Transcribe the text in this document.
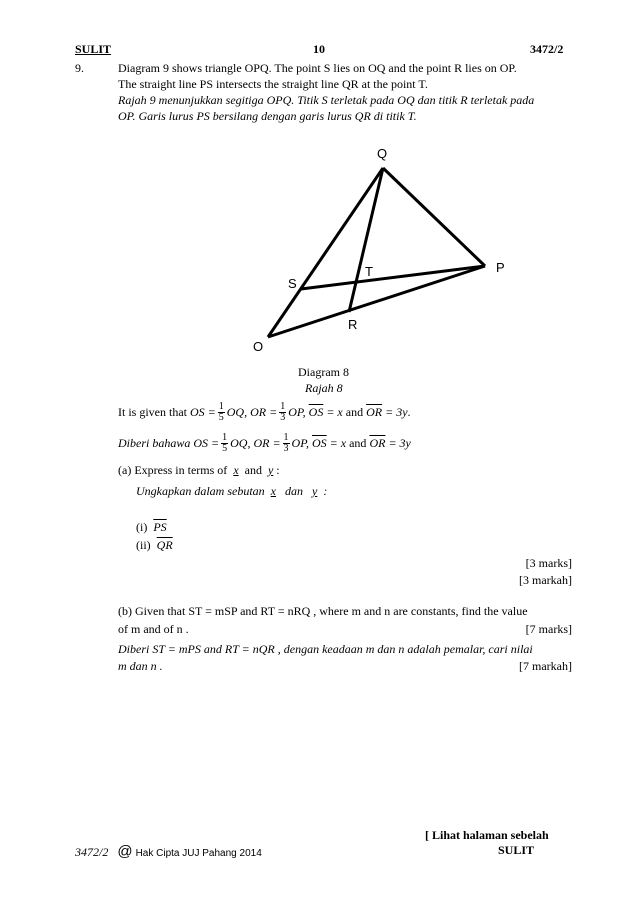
SULIT	10	3472/2
9.	Diagram 9 shows triangle OPQ. The point S lies on OQ and the point R lies on OP.
The straight line PS intersects the straight line QR at the point T.
Rajah 9 menunjukkan segitiga OPQ. Titik S terletak pada OQ dan titik R terletak pada
OP. Garis lurus PS bersilang dengan garis lurus QR di titik T.
Q
P
S
T
R
O
Diagram 8
Rajah 8
It is given that
OS = $\frac{1}{5}$ OQ, OR = $\frac{1}{3}$ OP,
$\overline{OS}$
= x
and
$\overline{OR}$
= 3y .
Diberi bahawa
OS = $\frac{1}{5}$ OQ, OR = $\frac{1}{3}$ OP,
$\overline{OS}$
= x
and
$\overline{OR}$
= 3y
(a) Express in terms of x and y :
Ungkapkan dalam sebutan x dan y :
(i) $\overline{PS}$
(ii) $\overline{QR}$
[3 marks]
[3 markah]
(b) Given that ST = mSP and RT = nRQ , where m and n are constants, find the value
of m and of n .	[7 marks]
Diberi ST = mPS and RT = nQR , dengan keadaan m dan n adalah pemalar, cari nilai
m dan n .	[7 markah]
[ Lihat halaman sebelah
3472/2 @ Hak Cipta JUJ Pahang 2014	SULIT
